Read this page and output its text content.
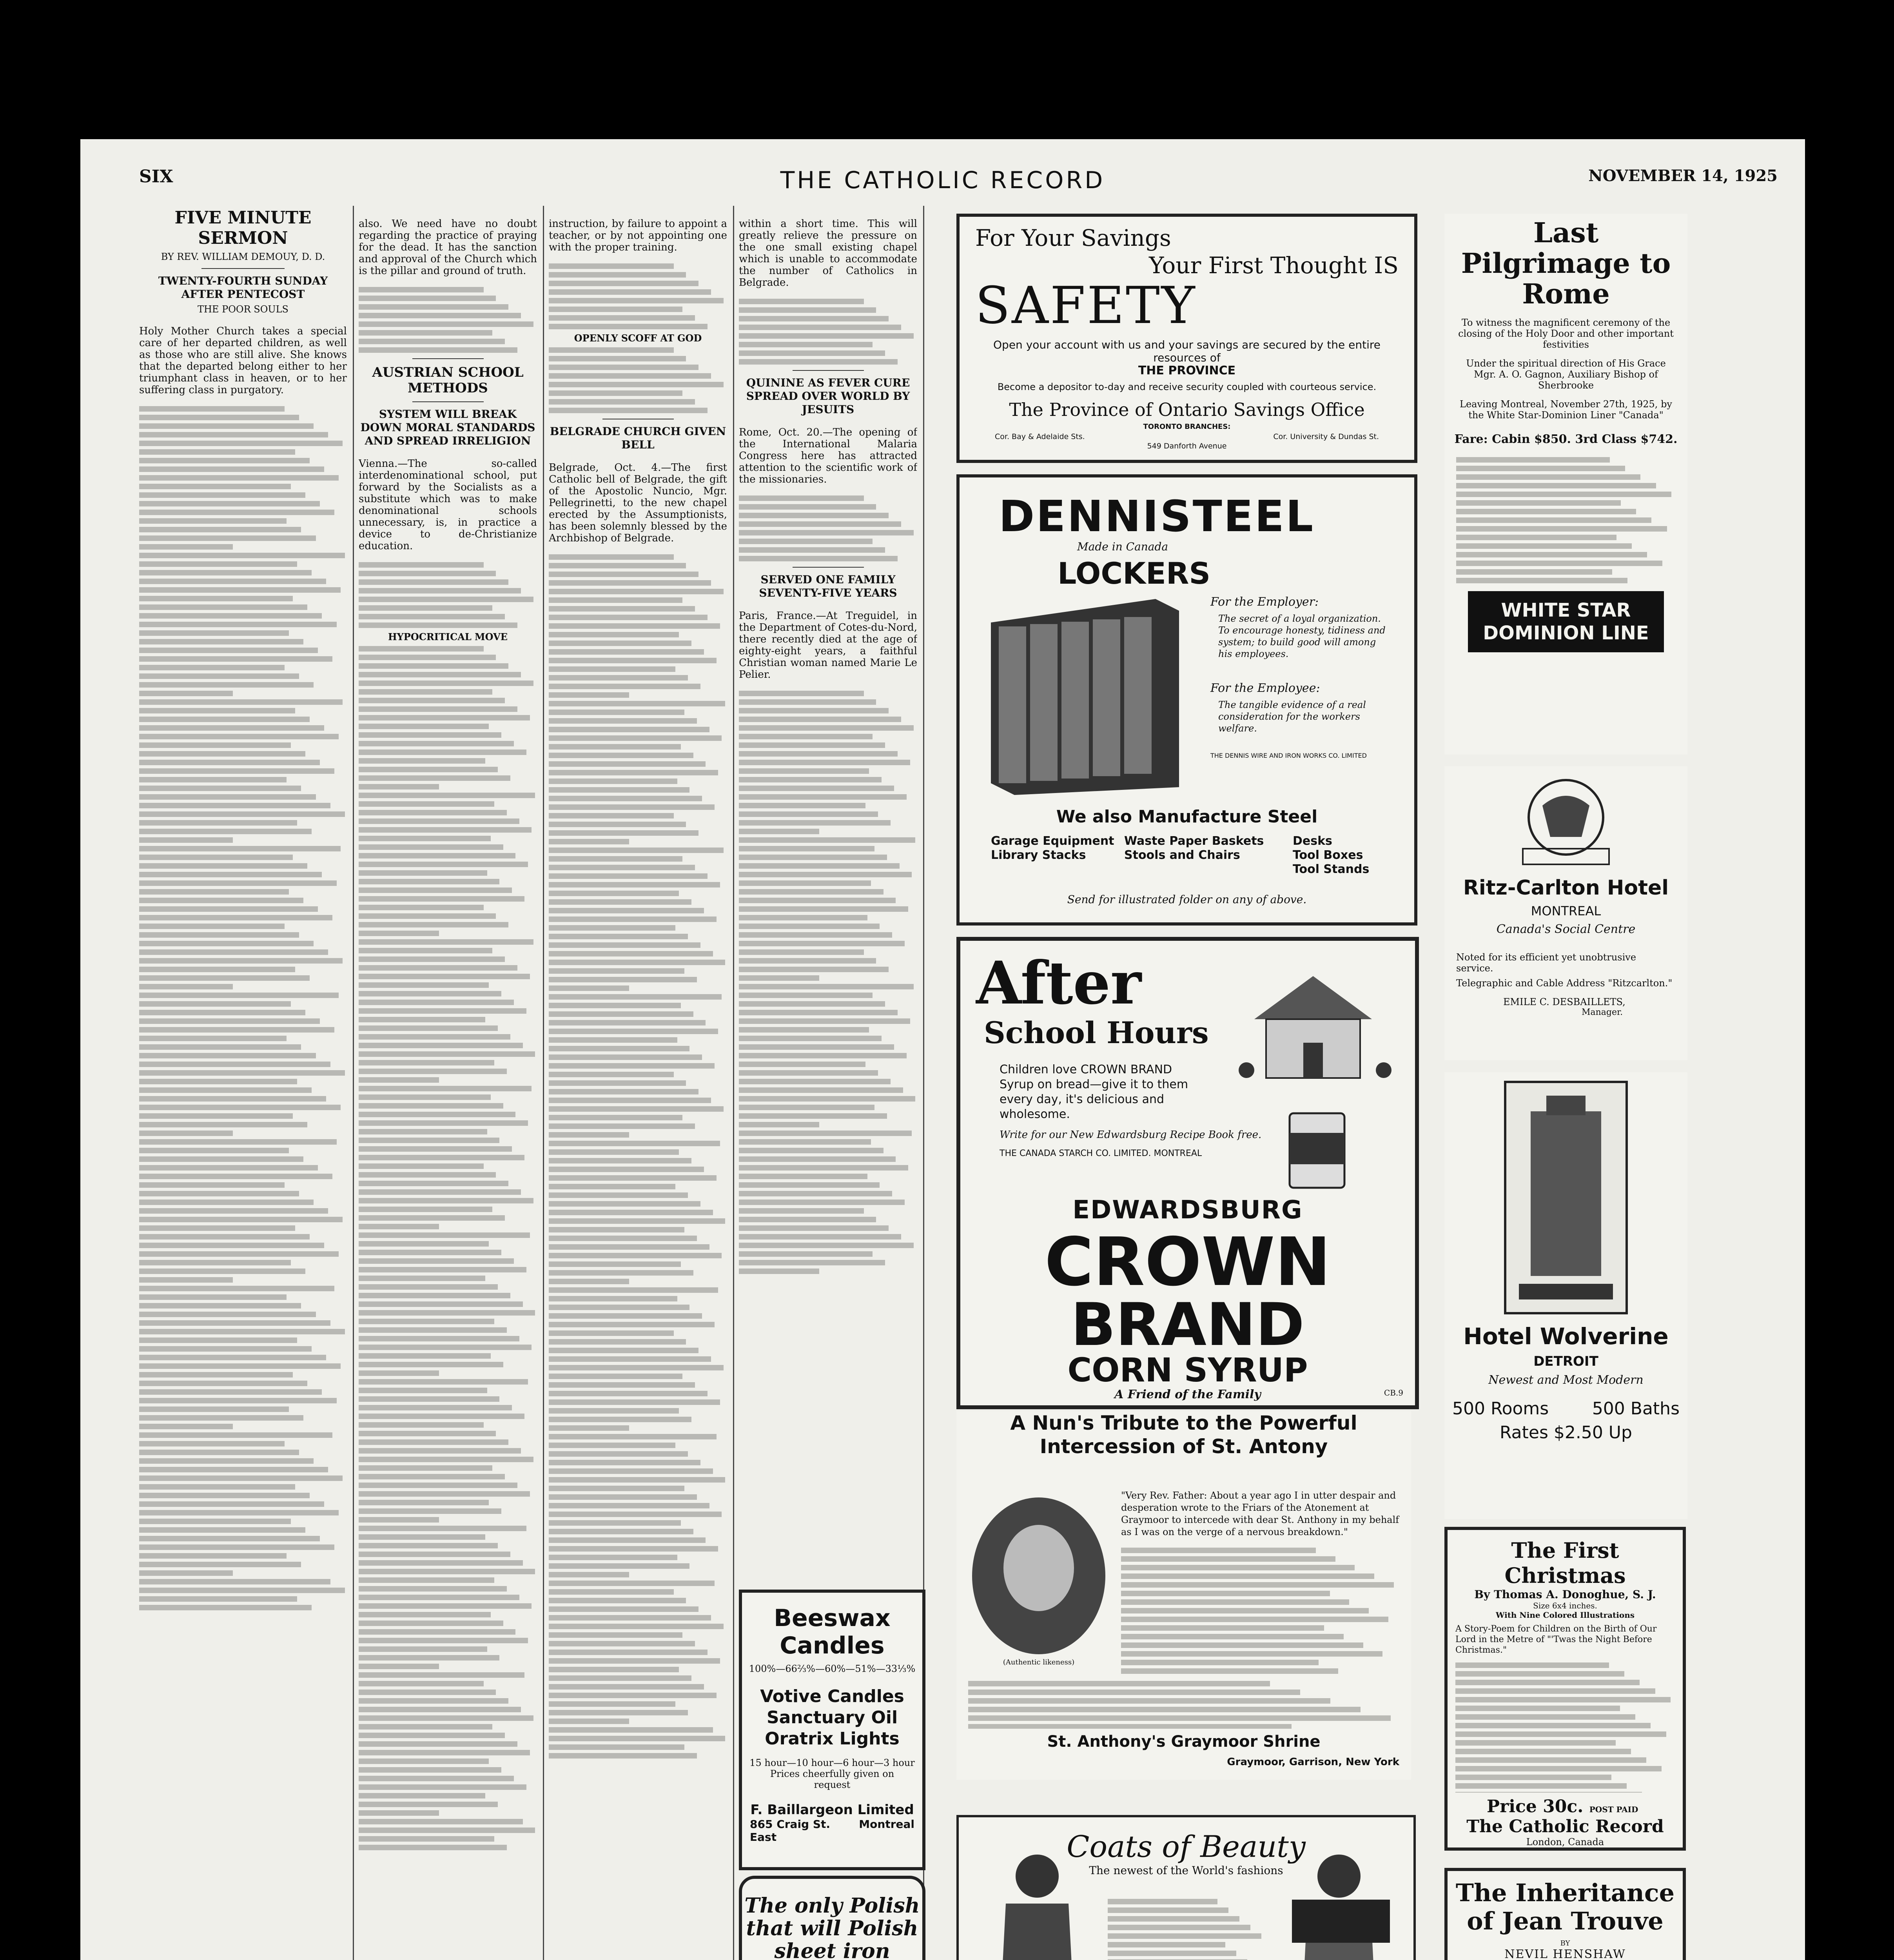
SIX	THE CATHOLIC RECORD	NOVEMBER 14, 1925
FIVE MINUTE SERMON
BY REV. WILLIAM DEMOUY, D. D.
TWENTY-FOURTH SUNDAY AFTER PENTECOST
THE POOR SOULS

Holy Mother Church takes a special care of her departed children, as well as those who are still alive. She knows that the departed belong either to her triumphant class in heaven, or to her suffering class in purgatory.

also. We need have no doubt regarding the practice of praying for the dead. It has the sanction and approval of the Church which is the pillar and ground of truth.

AUSTRIAN SCHOOL METHODS
SYSTEM WILL BREAK DOWN MORAL STANDARDS AND SPREAD IRRELIGION

Vienna.—The so-called interdenominational school, put forward by the Socialists as a substitute which was to make denominational schools unnecessary, is, in practice a device to de-Christianize education.

HYPOCRITICAL MOVE

instruction, by failure to appoint a teacher, or by not appointing one with the proper training.

OPENLY SCOFF AT GOD
BELGRADE CHURCH GIVEN BELL

Belgrade, Oct. 4.—The first Catholic bell of Belgrade, the gift of the Apostolic Nuncio, Mgr. Pellegrinetti, to the new chapel erected by the Assumptionists, has been solemnly blessed by the Archbishop of Belgrade.

within a short time. This will greatly relieve the pressure on the one small existing chapel which is unable to accommodate the number of Catholics in Belgrade.

QUININE AS FEVER CURE SPREAD OVER WORLD BY JESUITS

Rome, Oct. 20.—The opening of the International Malaria Congress here has attracted attention to the scientific work of the missionaries.

SERVED ONE FAMILY SEVENTY-FIVE YEARS

Paris, France.—At Treguidel, in the Department of Cotes-du-Nord, there recently died at the age of eighty-eight years, a faithful Christian woman named Marie Le Pelier.

For Your Savings
Your First Thought IS
SAFETY
Open your account with us and your savings are secured by the entire resources of
THE PROVINCE
Become a depositor to-day and receive security coupled with courteous service.
The Province of Ontario Savings Office
TORONTO BRANCHES:
Cor. Bay & Adelaide Sts.	Cor. University & Dundas St.
549 Danforth Avenue
Last Pilgrimage to Rome
To witness the magnificent ceremony of the closing of the Holy Door and other important festivities
Under the spiritual direction of His Grace Mgr. A. O. Gagnon, Auxiliary Bishop of Sherbrooke
Leaving Montreal, November 27th, 1925, by the White Star-Dominion Liner "Canada"
Fare: Cabin $850. 3rd Class $742.
WHITE STAR DOMINION LINE
DENNISTEEL
Made in Canada
LOCKERS
For the Employer:
The secret of a loyal organization. To encourage honesty, tidiness and system; to build good will among his employees.
For the Employee:
The tangible evidence of a real consideration for the workers welfare.
THE DENNIS WIRE AND IRON WORKS CO. LIMITED
We also Manufacture Steel
Garage Equipment
Library Stacks
Waste Paper Baskets
Stools and Chairs
Desks
Tool Boxes
Tool Stands
Send for illustrated folder on any of above.	Ritz-Carlton Hotel
MONTREAL
Canada's Social Centre
Noted for its efficient yet unobtrusive service.
Telegraphic and Cable Address "Ritzcarlton."
EMILE C. DESBAILLETS,
Manager.
After
School Hours
Children love CROWN BRAND Syrup on bread—give it to them every day, it's delicious and wholesome.
Write for our New Edwardsburg Recipe Book free.
THE CANADA STARCH CO. LIMITED. MONTREAL
EDWARDSBURG
CROWN
BRAND
CORN SYRUP
A Friend of the Family	CB.9
Hotel Wolverine
DETROIT
Newest and Most Modern
500 Rooms	500 Baths
Rates $2.50 Up
A Nun's Tribute to the Powerful Intercession of St. Antony
(Authentic likeness)
"Very Rev. Father: About a year ago I in utter despair and desperation wrote to the Friars of the Atonement at Graymoor to intercede with dear St. Anthony in my behalf as I was on the verge of a nervous breakdown."
St. Anthony's Graymoor Shrine
Graymoor, Garrison, New York
The First Christmas
By Thomas A. Donoghue, S. J.
Size 6x4 inches.
With Nine Colored Illustrations
A Story-Poem for Children on the Birth of Our Lord in the Metre of "'Twas the Night Before Christmas."
Price 30c. POST PAID
The Catholic Record
London, Canada
Beeswax Candles
100%—66⅔%—60%—51%—33⅓%
Votive Candles
Sanctuary Oil
Oratrix Lights
15 hour—10 hour—6 hour—3 hour
Prices cheerfully given on request
F. Baillargeon Limited
865 Craig St. East
Montreal
The only Polish
that will Polish
sheet iron
Coats of Beauty
The newest of the World's fashions
The Inheritance of Jean Trouve
BY
NEVIL HENSHAW
